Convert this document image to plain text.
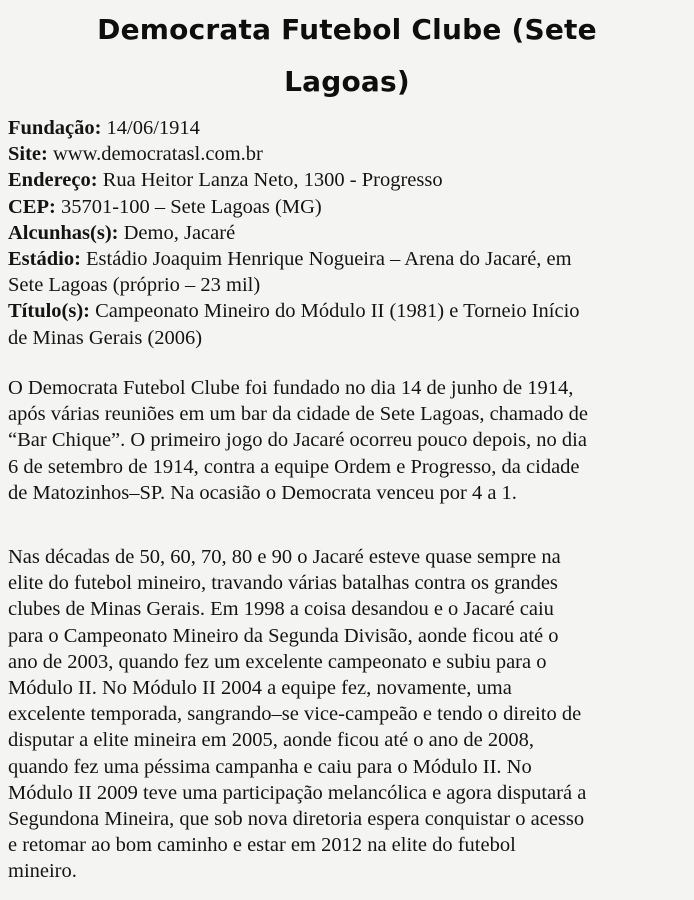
Democrata Futebol Clube (Sete
Lagoas)

Fundação: 14/06/1914

Site: www.democratasl.com.br

Endereço: Rua Heitor Lanza Neto, 1300 - Progresso

CEP: 35701-100 – Sete Lagoas (MG)

Alcunhas(s): Demo, Jacaré

Estádio: Estádio Joaquim Henrique Nogueira – Arena do Jacaré, em
Sete Lagoas (próprio – 23 mil)

Título(s): Campeonato Mineiro do Módulo II (1981) e Torneio Início
de Minas Gerais (2006)

O Democrata Futebol Clube foi fundado no dia 14 de junho de 1914,
após várias reuniões em um bar da cidade de Sete Lagoas, chamado de
“Bar Chique”. O primeiro jogo do Jacaré ocorreu pouco depois, no dia
6 de setembro de 1914, contra a equipe Ordem e Progresso, da cidade
de Matozinhos–SP. Na ocasião o Democrata venceu por 4 a 1.

Nas décadas de 50, 60, 70, 80 e 90 o Jacaré esteve quase sempre na
elite do futebol mineiro, travando várias batalhas contra os grandes
clubes de Minas Gerais. Em 1998 a coisa desandou e o Jacaré caiu
para o Campeonato Mineiro da Segunda Divisão, aonde ficou até o
ano de 2003, quando fez um excelente campeonato e subiu para o
Módulo II. No Módulo II 2004 a equipe fez, novamente, uma
excelente temporada, sangrando–se vice-campeão e tendo o direito de
disputar a elite mineira em 2005, aonde ficou até o ano de 2008,
quando fez uma péssima campanha e caiu para o Módulo II. No
Módulo II 2009 teve uma participação melancólica e agora disputará a
Segundona Mineira, que sob nova diretoria espera conquistar o acesso
e retomar ao bom caminho e estar em 2012 na elite do futebol
mineiro.
